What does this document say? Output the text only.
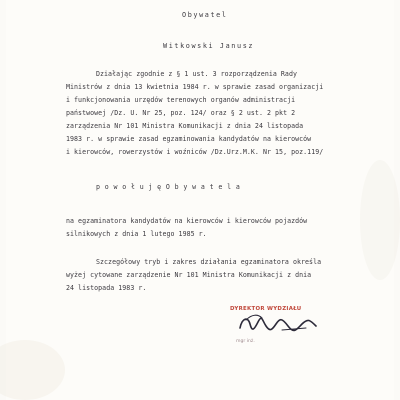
Obywatel
Witkowski Janusz
Działając zgodnie z § 1 ust. 3 rozporządzenia Rady
Ministrów z dnia 13 kwietnia 1984 r. w sprawie zasad organizacji
i funkcjonowania urzędów terenowych organów administracji
państwowej /Dz. U. Nr 25, poz. 124/ oraz § 2 ust. 2 pkt 2
zarządzenia Nr 101 Ministra Komunikacji z dnia 24 listopada
1983 r. w sprawie zasad egzaminowania kandydatów na kierowców
i kierowców, rowerzystów i woźniców /Dz.Urz.M.K. Nr 15, poz.119/
p o w o ł u j ę O b y w a t e l a
na egzaminatora kandydatów na kierowców i kierowców pojazdów
silnikowych z dnia 1 lutego 1985 r.
Szczegółowy tryb i zakres działania egzaminatora określa
wyżej cytowane zarządzenie Nr 101 Ministra Komunikacji z dnia
24 listopada 1983 r.
DYREKTOR WYDZIAŁU
mgr inż.
